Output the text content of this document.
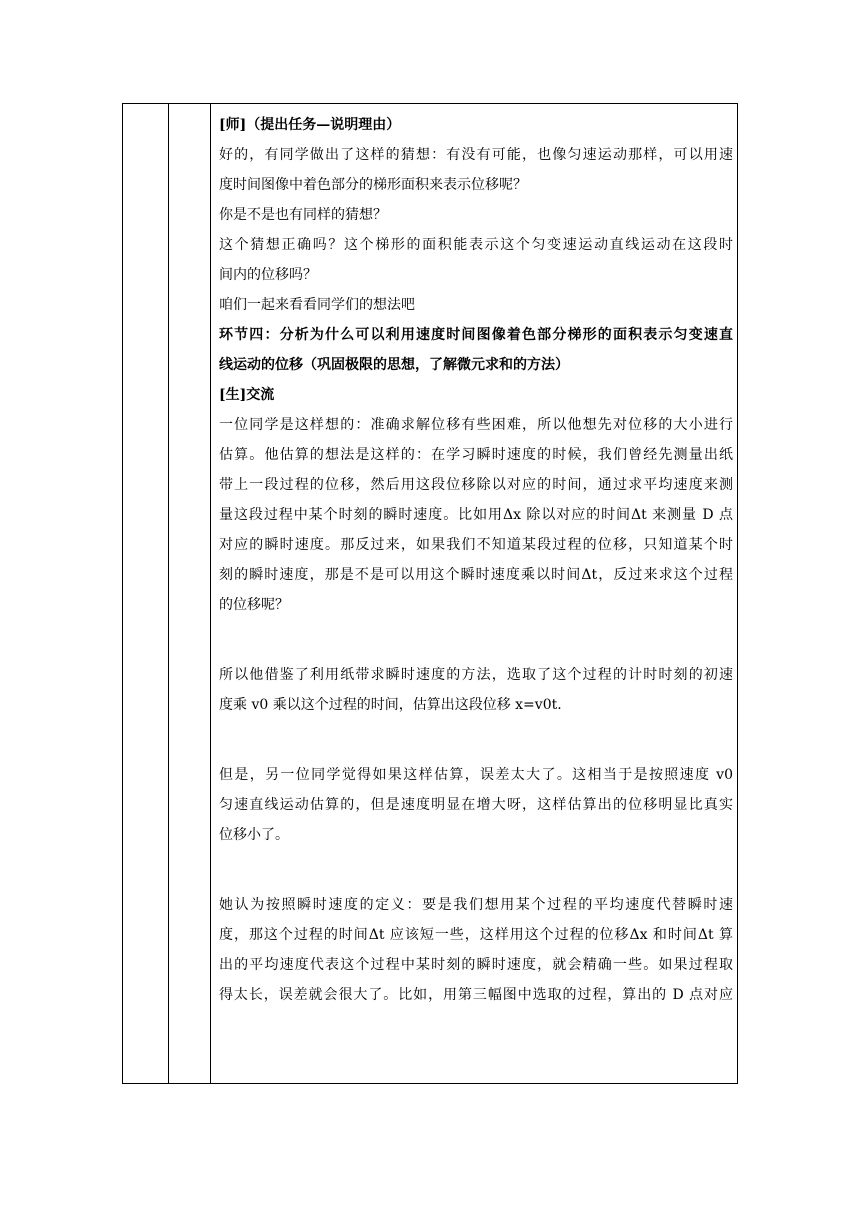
[师]（提出任务—说明理由）
好的，有同学做出了这样的猜想：有没有可能，也像匀速运动那样，可以用速
度时间图像中着色部分的梯形面积来表示位移呢？
你是不是也有同样的猜想？
这个猜想正确吗？这个梯形的面积能表示这个匀变速运动直线运动在这段时
间内的位移吗？
咱们一起来看看同学们的想法吧
环节四：分析为什么可以利用速度时间图像着色部分梯形的面积表示匀变速直
线运动的位移（巩固极限的思想，了解微元求和的方法）
[生]交流
一位同学是这样想的：准确求解位移有些困难，所以他想先对位移的大小进行
估算。他估算的想法是这样的：在学习瞬时速度的时候，我们曾经先测量出纸
带上一段过程的位移，然后用这段位移除以对应的时间，通过求平均速度来测
量这段过程中某个时刻的瞬时速度。比如用Δx 除以对应的时间Δt 来测量 D 点
对应的瞬时速度。那反过来，如果我们不知道某段过程的位移，只知道某个时
刻的瞬时速度，那是不是可以用这个瞬时速度乘以时间Δt，反过来求这个过程
的位移呢？
所以他借鉴了利用纸带求瞬时速度的方法，选取了这个过程的计时时刻的初速
度乘 v0 乘以这个过程的时间，估算出这段位移 x=v0t.
但是，另一位同学觉得如果这样估算，误差太大了。这相当于是按照速度 v0
匀速直线运动估算的，但是速度明显在增大呀，这样估算出的位移明显比真实
位移小了。
她认为按照瞬时速度的定义：要是我们想用某个过程的平均速度代替瞬时速
度，那这个过程的时间Δt 应该短一些，这样用这个过程的位移Δx 和时间Δt 算
出的平均速度代表这个过程中某时刻的瞬时速度，就会精确一些。如果过程取
得太长，误差就会很大了。比如，用第三幅图中选取的过程，算出的 D 点对应
